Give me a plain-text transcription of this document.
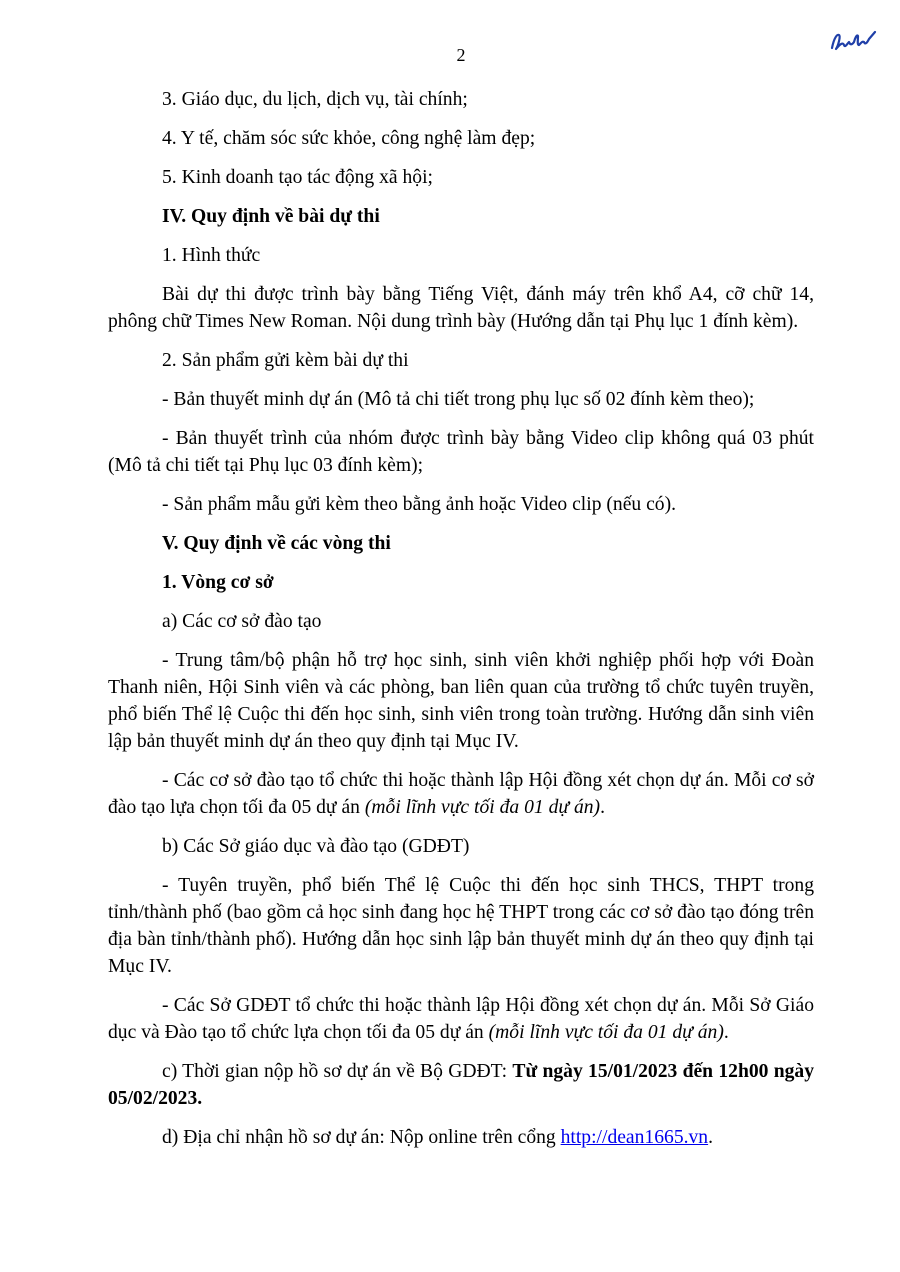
2

3. Giáo dục, du lịch, dịch vụ, tài chính;

4. Y tế, chăm sóc sức khỏe, công nghệ làm đẹp;

5. Kinh doanh tạo tác động xã hội;

IV. Quy định về bài dự thi

1. Hình thức

Bài dự thi được trình bày bằng Tiếng Việt, đánh máy trên khổ A4, cỡ chữ 14, phông chữ Times New Roman. Nội dung trình bày (Hướng dẫn tại Phụ lục 1 đính kèm).

2. Sản phẩm gửi kèm bài dự thi

- Bản thuyết minh dự án (Mô tả chi tiết trong phụ lục số 02 đính kèm theo);

- Bản thuyết trình của nhóm được trình bày bằng Video clip không quá 03 phút (Mô tả chi tiết tại Phụ lục 03 đính kèm);

- Sản phẩm mẫu gửi kèm theo bằng ảnh hoặc Video clip (nếu có).

V. Quy định về các vòng thi

1. Vòng cơ sở

a) Các cơ sở đào tạo

- Trung tâm/bộ phận hỗ trợ học sinh, sinh viên khởi nghiệp phối hợp với Đoàn Thanh niên, Hội Sinh viên và các phòng, ban liên quan của trường tổ chức tuyên truyền, phổ biến Thể lệ Cuộc thi đến học sinh, sinh viên trong toàn trường. Hướng dẫn sinh viên lập bản thuyết minh dự án theo quy định tại Mục IV.

- Các cơ sở đào tạo tổ chức thi hoặc thành lập Hội đồng xét chọn dự án. Mỗi cơ sở đào tạo lựa chọn tối đa 05 dự án (mỗi lĩnh vực tối đa 01 dự án).

b) Các Sở giáo dục và đào tạo (GDĐT)

- Tuyên truyền, phổ biến Thể lệ Cuộc thi đến học sinh THCS, THPT trong tỉnh/thành phố (bao gồm cả học sinh đang học hệ THPT trong các cơ sở đào tạo đóng trên địa bàn tỉnh/thành phố). Hướng dẫn học sinh lập bản thuyết minh dự án theo quy định tại Mục IV.

- Các Sở GDĐT tổ chức thi hoặc thành lập Hội đồng xét chọn dự án. Mỗi Sở Giáo dục và Đào tạo tổ chức lựa chọn tối đa 05 dự án (mỗi lĩnh vực tối đa 01 dự án).

c) Thời gian nộp hồ sơ dự án về Bộ GDĐT: Từ ngày 15/01/2023 đến 12h00 ngày 05/02/2023.

d) Địa chỉ nhận hồ sơ dự án: Nộp online trên cổng http://dean1665.vn.
